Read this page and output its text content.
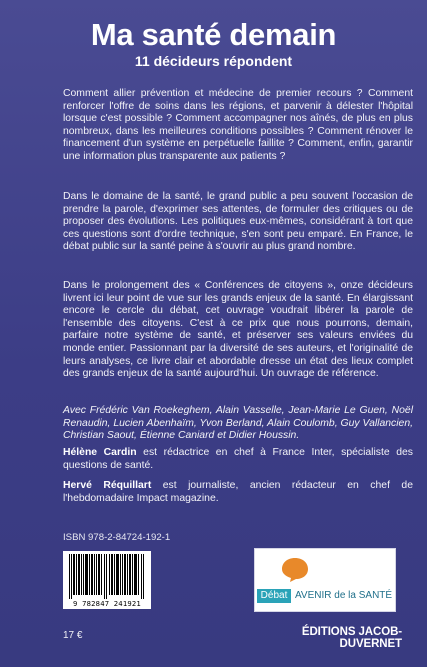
Ma santé demain
11 décideurs répondent

Comment allier prévention et médecine de premier recours ? Comment renforcer l'offre de soins dans les régions, et parvenir à délester l'hôpital lorsque c'est possible ? Comment accompagner nos aînés, de plus en plus nombreux, dans les meilleures conditions possibles ? Comment rénover le financement d'un système en perpétuelle faillite ? Comment, enfin, garantir une information plus transparente aux patients ?

Dans le domaine de la santé, le grand public a peu souvent l'occasion de prendre la parole, d'exprimer ses attentes, de formuler des critiques ou de proposer des évolutions. Les politiques eux-mêmes, considérant à tort que ces questions sont d'ordre technique, s'en sont peu emparé. En France, le débat public sur la santé peine à s'ouvrir au plus grand nombre.

Dans le prolongement des « Conférences de citoyens », onze décideurs livrent ici leur point de vue sur les grands enjeux de la santé. En élargissant encore le cercle du débat, cet ouvrage voudrait libérer la parole de l'ensemble des citoyens. C'est à ce prix que nous pourrons, demain, parfaire notre système de santé, et préserver ses valeurs enviées du monde entier. Passionnant par la diversité de ses auteurs, et l'originalité de leurs analyses, ce livre clair et abordable dresse un état des lieux complet des grands enjeux de la santé aujourd'hui. Un ouvrage de référence.

Avec Frédéric Van Roekeghem, Alain Vasselle, Jean-Marie Le Guen, Noël Renaudin, Lucien Abenhaïm, Yvon Berland, Alain Coulomb, Guy Vallancien, Christian Saout, Étienne Caniard et Didier Houssin.

Hélène Cardin est rédactrice en chef à France Inter, spécialiste des questions de santé.

Hervé Réquillart est journaliste, ancien rédacteur en chef de l'hebdomadaire Impact magazine.

ISBN 978-2-84724-192-1
9 782847 241921
17 €
Débat AVENIR de la SANTÉ
ÉDITIONS JACOB-DUVERNET
